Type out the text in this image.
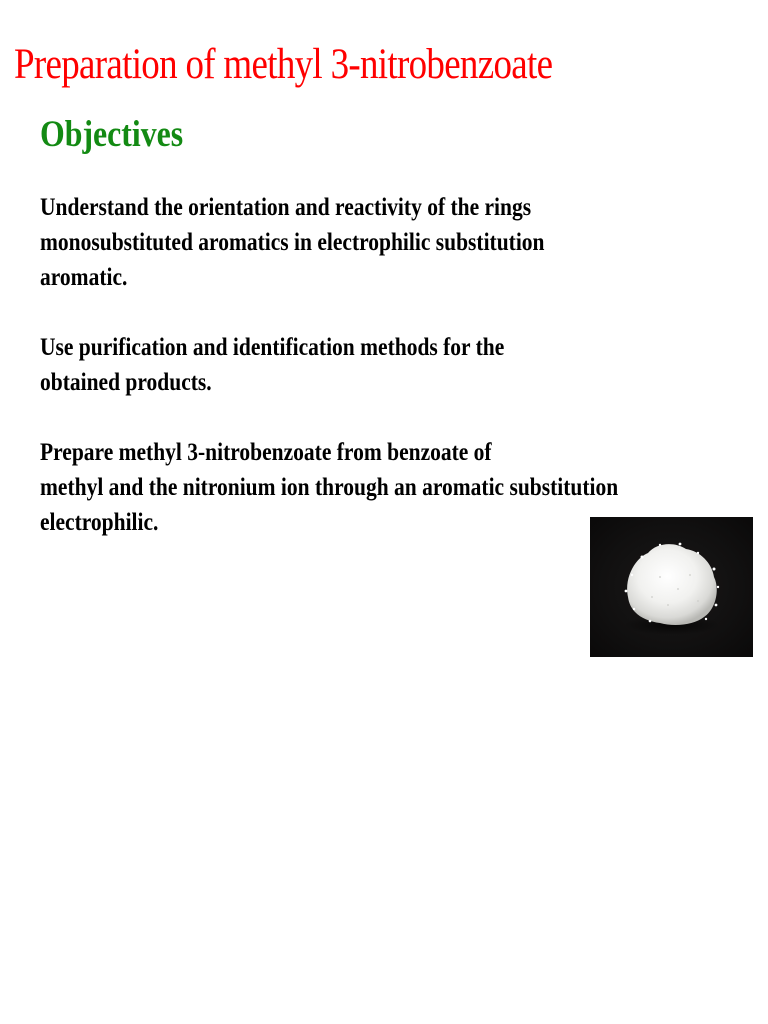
Preparation of methyl 3-nitrobenzoate
Objectives

Understand the orientation and reactivity of the rings
monosubstituted aromatics in electrophilic substitution
aromatic.

Use purification and identification methods for the
obtained products.

Prepare methyl 3-nitrobenzoate from benzoate of
methyl and the nitronium ion through an aromatic substitution
electrophilic.
